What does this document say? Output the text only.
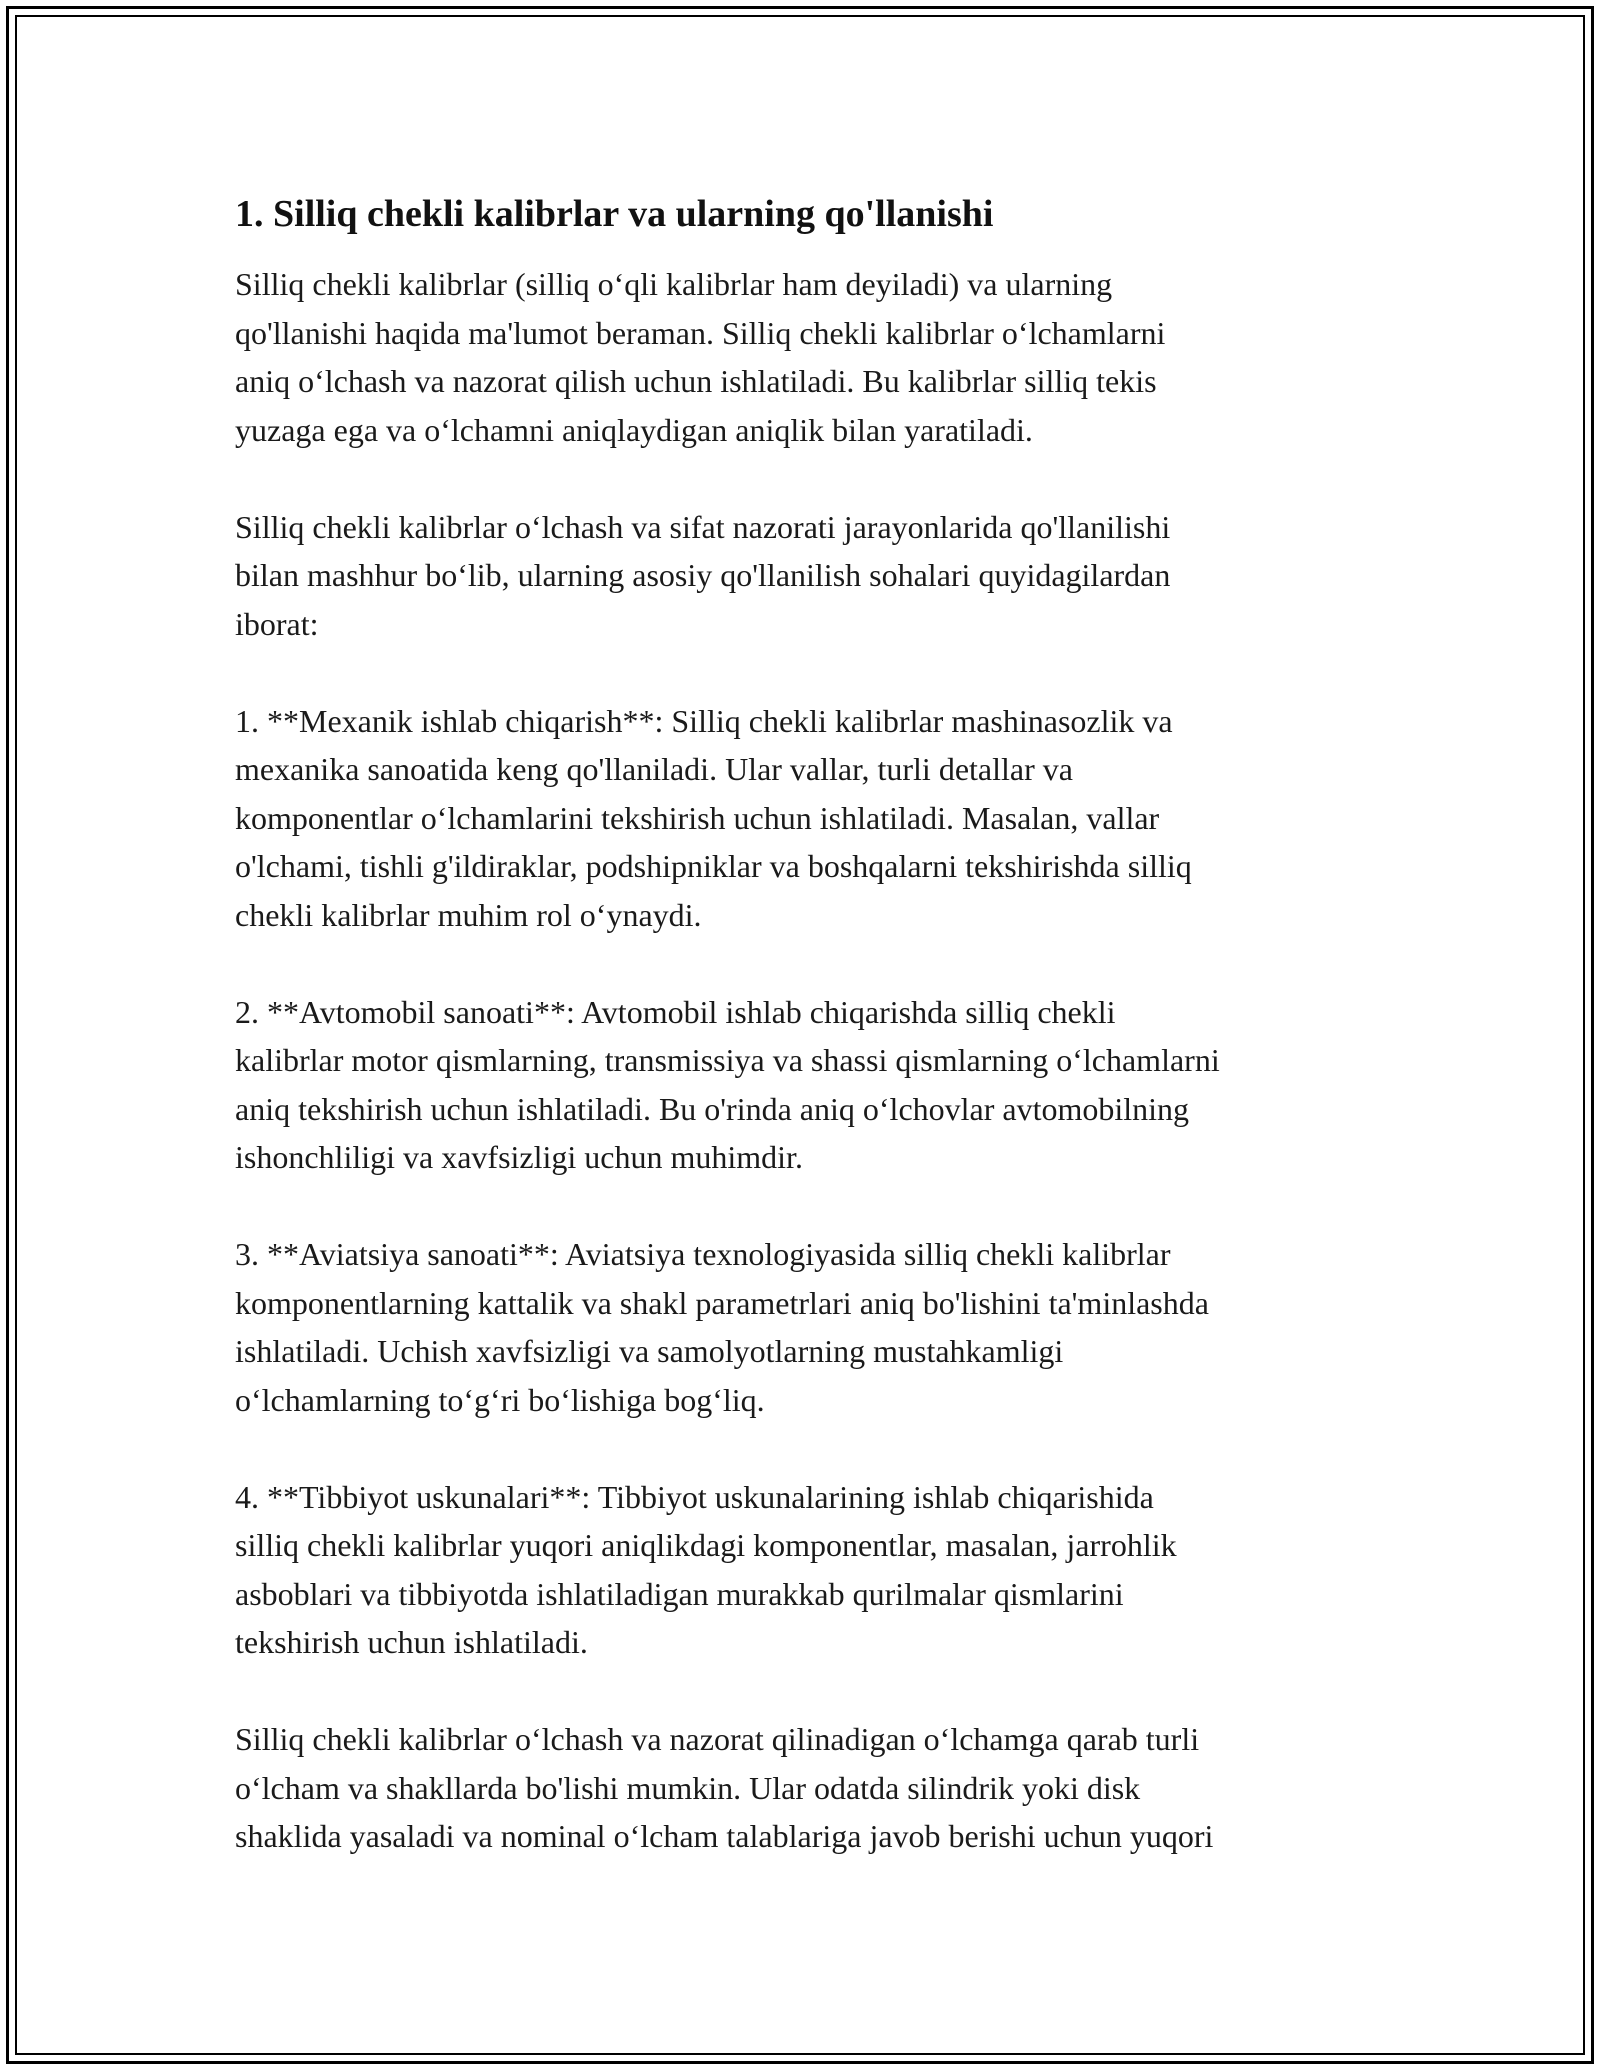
1. Silliq chekli kalibrlar va ularning qo'llanishi

Silliq chekli kalibrlar (silliq oʻqli kalibrlar ham deyiladi) va ularning
qo'llanishi haqida ma'lumot beraman. Silliq chekli kalibrlar oʻlchamlarni
aniq oʻlchash va nazorat qilish uchun ishlatiladi. Bu kalibrlar silliq tekis
yuzaga ega va oʻlchamni aniqlaydigan aniqlik bilan yaratiladi.

Silliq chekli kalibrlar oʻlchash va sifat nazorati jarayonlarida qo'llanilishi
bilan mashhur boʻlib, ularning asosiy qo'llanilish sohalari quyidagilardan
iborat:

1. **Mexanik ishlab chiqarish**: Silliq chekli kalibrlar mashinasozlik va
mexanika sanoatida keng qo'llaniladi. Ular vallar, turli detallar va
komponentlar oʻlchamlarini tekshirish uchun ishlatiladi. Masalan, vallar
o'lchami, tishli g'ildiraklar, podshipniklar va boshqalarni tekshirishda silliq
chekli kalibrlar muhim rol oʻynaydi.

2. **Avtomobil sanoati**: Avtomobil ishlab chiqarishda silliq chekli
kalibrlar motor qismlarning, transmissiya va shassi qismlarning oʻlchamlarni
aniq tekshirish uchun ishlatiladi. Bu o'rinda aniq oʻlchovlar avtomobilning
ishonchliligi va xavfsizligi uchun muhimdir.

3. **Aviatsiya sanoati**: Aviatsiya texnologiyasida silliq chekli kalibrlar
komponentlarning kattalik va shakl parametrlari aniq bo'lishini ta'minlashda
ishlatiladi. Uchish xavfsizligi va samolyotlarning mustahkamligi
oʻlchamlarning toʻgʻri boʻlishiga bogʻliq.

4. **Tibbiyot uskunalari**: Tibbiyot uskunalarining ishlab chiqarishida
silliq chekli kalibrlar yuqori aniqlikdagi komponentlar, masalan, jarrohlik
asboblari va tibbiyotda ishlatiladigan murakkab qurilmalar qismlarini
tekshirish uchun ishlatiladi.

Silliq chekli kalibrlar oʻlchash va nazorat qilinadigan oʻlchamga qarab turli
oʻlcham va shakllarda bo'lishi mumkin. Ular odatda silindrik yoki disk
shaklida yasaladi va nominal oʻlcham talablariga javob berishi uchun yuqori
